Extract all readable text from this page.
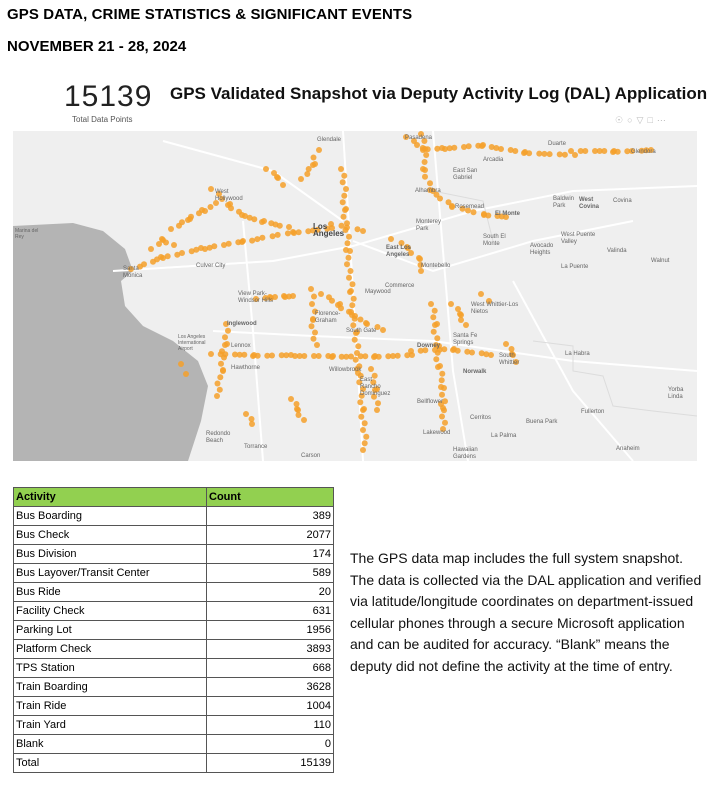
GPS DATA, CRIME STATISTICS & SIGNIFICANT EVENTS
NOVEMBER 21 - 28, 2024
15139
Total Data Points
GPS Validated Snapshot via Deputy Activity Log (DAL) Application
☉○▽□⋯
Glendale	Pasadena
Duarte
Glendora
Arcadia
East San Gabriel
Alhambra
Rosemead
El Monte
Baldwin Park
West Covina
Covina
West Hollywood
Los Angeles
Monterey Park
South El Monte
West Puente Valley
Avocado Heights	Valinda
Walnut
East Los Angeles
Montebello	La Puente
Santa Monica
Culver City
Commerce
View Park-Windsor Hills
Maywood
West Whittier-Los Nietos
Inglewood
Florence-Graham
South Gate
Santa Fe Springs
Los Angeles International Airport	Lennox	Downey
South Whittier
La Habra
Hawthorne	Willowbrook	Norwalk
East Rancho Dominguez
Yorba Linda
Bellflower
Fullerton
Cerritos
Buena Park
Redondo Beach
Lakewood	La Palma
Torrance
Carson
Hawaiian Gardens
Anaheim
Marina del Rey
Activity	Count
Bus Boarding	389
Bus Check	2077
Bus Division	174
Bus Layover/Transit Center	589
Bus Ride	20
Facility Check	631
Parking Lot	1956
Platform Check	3893
TPS Station	668
Train Boarding	3628
Train Ride	1004
Train Yard	110
Blank	0
Total	15139
The GPS data map includes the full system snapshot. The data is collected via the DAL application and verified via latitude/longitude coordinates on department-issued cellular phones through a secure Microsoft application and can be audited for accuracy. “Blank” means the deputy did not define the activity at the time of entry.
